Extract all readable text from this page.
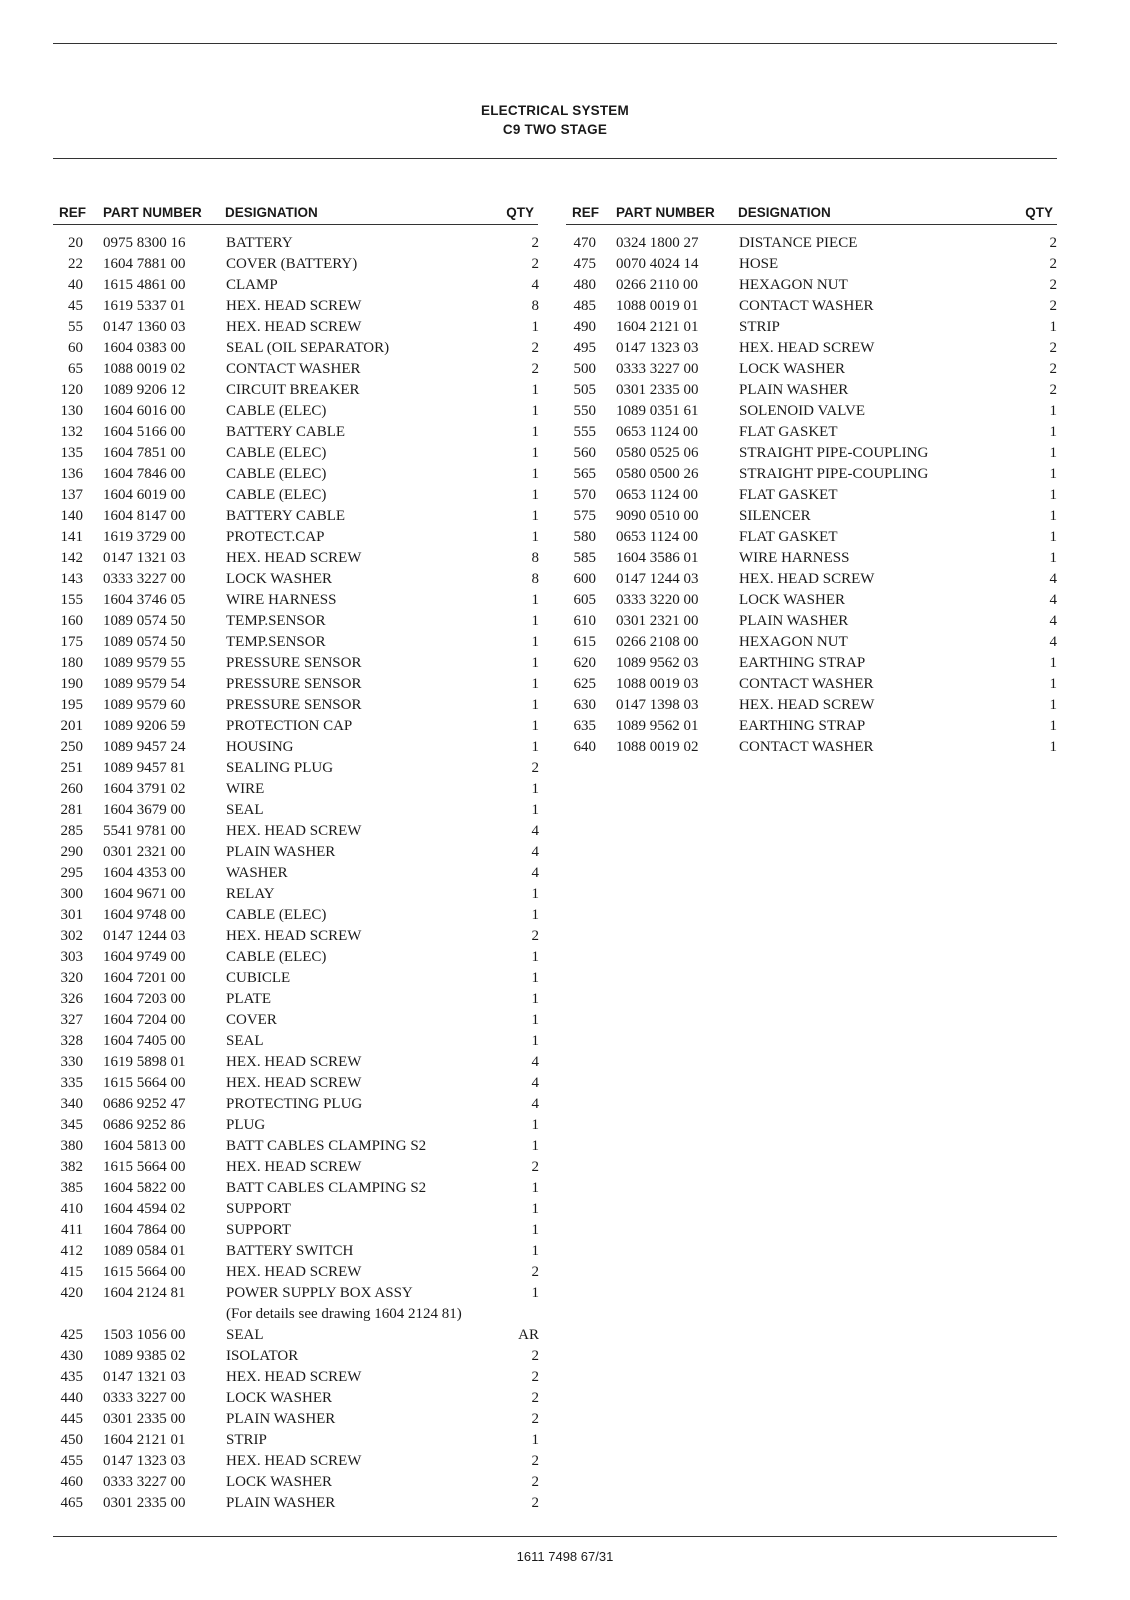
ELECTRICAL SYSTEM
C9 TWO STAGE
REF PART NUMBER DESIGNATION	QTY	REF PART NUMBER DESIGNATION	QTY
20 0975 8300 16	BATTERY	2
22 1604 7881 00	COVER (BATTERY)	2
40 1615 4861 00	CLAMP	4
45 1619 5337 01	HEX. HEAD SCREW	8
55 0147 1360 03	HEX. HEAD SCREW	1
60 1604 0383 00	SEAL (OIL SEPARATOR)	2
65 1088 0019 02	CONTACT WASHER	2
120 1089 9206 12	CIRCUIT BREAKER	1
130 1604 6016 00	CABLE (ELEC)	1
132 1604 5166 00	BATTERY CABLE	1
135 1604 7851 00	CABLE (ELEC)	1
136 1604 7846 00	CABLE (ELEC)	1
137 1604 6019 00	CABLE (ELEC)	1
140 1604 8147 00	BATTERY CABLE	1
141 1619 3729 00	PROTECT.CAP	1
142 0147 1321 03	HEX. HEAD SCREW	8
143 0333 3227 00	LOCK WASHER	8
155 1604 3746 05	WIRE HARNESS	1
160 1089 0574 50	TEMP.SENSOR	1
175 1089 0574 50	TEMP.SENSOR	1
180 1089 9579 55	PRESSURE SENSOR	1
190 1089 9579 54	PRESSURE SENSOR	1
195 1089 9579 60	PRESSURE SENSOR	1
201 1089 9206 59	PROTECTION CAP	1
250 1089 9457 24	HOUSING	1
251 1089 9457 81	SEALING PLUG	2
260 1604 3791 02	WIRE	1
281 1604 3679 00	SEAL	1
285 5541 9781 00	HEX. HEAD SCREW	4
290 0301 2321 00	PLAIN WASHER	4
295 1604 4353 00	WASHER	4
300 1604 9671 00	RELAY	1
301 1604 9748 00	CABLE (ELEC)	1
302 0147 1244 03	HEX. HEAD SCREW	2
303 1604 9749 00	CABLE (ELEC)	1
320 1604 7201 00	CUBICLE	1
326 1604 7203 00	PLATE	1
327 1604 7204 00	COVER	1
328 1604 7405 00	SEAL	1
330 1619 5898 01	HEX. HEAD SCREW	4
335 1615 5664 00	HEX. HEAD SCREW	4
340 0686 9252 47	PROTECTING PLUG	4
345 0686 9252 86	PLUG	1
380 1604 5813 00	BATT CABLES CLAMPING S2	1
382 1615 5664 00	HEX. HEAD SCREW	2
385 1604 5822 00	BATT CABLES CLAMPING S2	1
410 1604 4594 02	SUPPORT	1
411 1604 7864 00	SUPPORT	1
412 1089 0584 01	BATTERY SWITCH	1
415 1615 5664 00	HEX. HEAD SCREW	2
420 1604 2124 81	POWER SUPPLY BOX ASSY	1
(For details see drawing 1604 2124 81)
425 1503 1056 00	SEAL	AR
430 1089 9385 02	ISOLATOR	2
435 0147 1321 03	HEX. HEAD SCREW	2
440 0333 3227 00	LOCK WASHER	2
445 0301 2335 00	PLAIN WASHER	2
450 1604 2121 01	STRIP	1
455 0147 1323 03	HEX. HEAD SCREW	2
460 0333 3227 00	LOCK WASHER	2
465 0301 2335 00	PLAIN WASHER	2
470 0324 1800 27	DISTANCE PIECE	2
475 0070 4024 14	HOSE	2
480 0266 2110 00	HEXAGON NUT	2
485 1088 0019 01	CONTACT WASHER	2
490 1604 2121 01	STRIP	1
495 0147 1323 03	HEX. HEAD SCREW	2
500 0333 3227 00	LOCK WASHER	2
505 0301 2335 00	PLAIN WASHER	2
550 1089 0351 61	SOLENOID VALVE	1
555 0653 1124 00	FLAT GASKET	1
560 0580 0525 06	STRAIGHT PIPE-COUPLING	1
565 0580 0500 26	STRAIGHT PIPE-COUPLING	1
570 0653 1124 00	FLAT GASKET	1
575 9090 0510 00	SILENCER	1
580 0653 1124 00	FLAT GASKET	1
585 1604 3586 01	WIRE HARNESS	1
600 0147 1244 03	HEX. HEAD SCREW	4
605 0333 3220 00	LOCK WASHER	4
610 0301 2321 00	PLAIN WASHER	4
615 0266 2108 00	HEXAGON NUT	4
620 1089 9562 03	EARTHING STRAP	1
625 1088 0019 03	CONTACT WASHER	1
630 0147 1398 03	HEX. HEAD SCREW	1
635 1089 9562 01	EARTHING STRAP	1
640 1088 0019 02	CONTACT WASHER	1
1611 7498 67/31
